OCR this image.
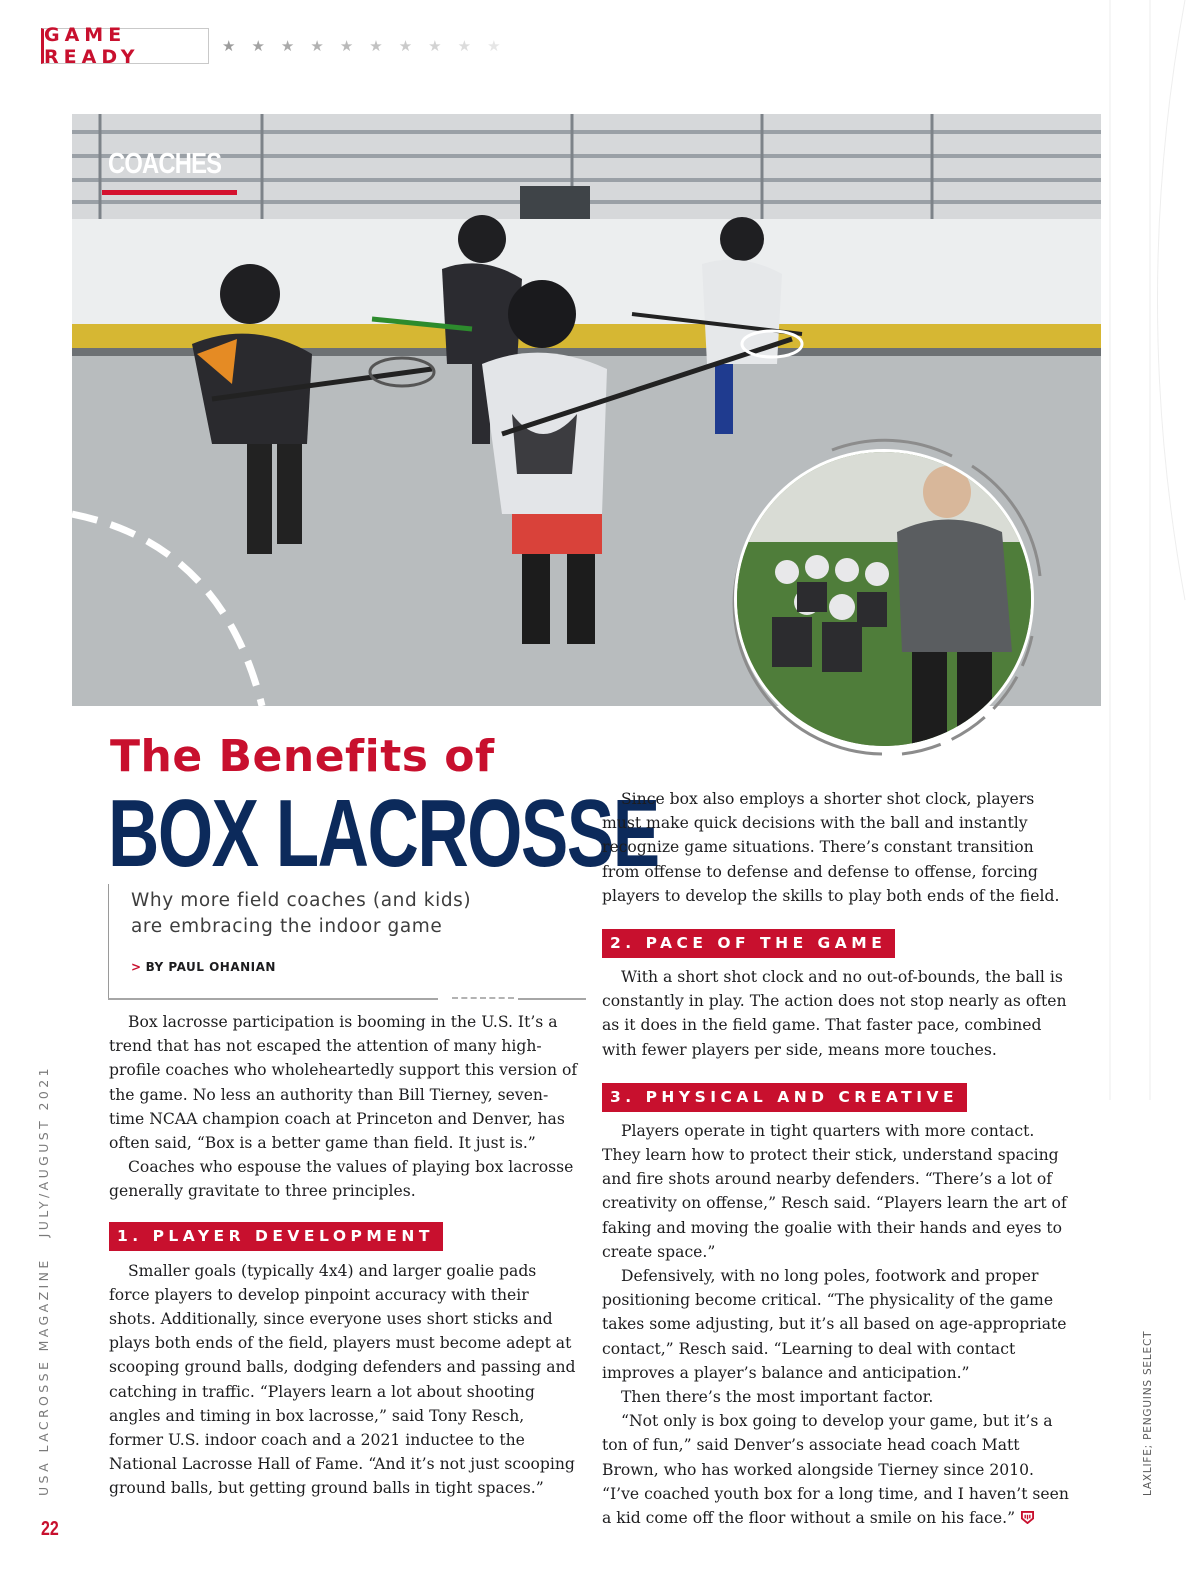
GAME READY	★ ★ ★ ★ ★ ★ ★ ★ ★ ★
COACHES
The Benefits of
BOX LACROSSE
Why more field coaches (and kids)
are embracing the indoor game
> BY PAUL OHANIAN

Box lacrosse participation is booming in the U.S. It’s a trend that has not escaped the attention of many high-profile coaches who wholeheartedly support this version of the game. No less an authority than Bill Tierney, seven-time NCAA champion coach at Princeton and Denver, has often said, “Box is a better game than field. It just is.”

Coaches who espouse the values of playing box lacrosse generally gravitate to three principles.

1. PLAYER DEVELOPMENT

Smaller goals (typically 4x4) and larger goalie pads force players to develop pinpoint accuracy with their shots. Additionally, since everyone uses short sticks and plays both ends of the field, players must become adept at scooping ground balls, dodging defenders and passing and catching in traffic. “Players learn a lot about shooting angles and timing in box lacrosse,” said Tony Resch, former U.S. indoor coach and a 2021 inductee to the National Lacrosse Hall of Fame. “And it’s not just scooping ground balls, but getting ground balls in tight spaces.”

Since box also employs a shorter shot clock, players must make quick decisions with the ball and instantly recognize game situations. There’s constant transition from offense to defense and defense to offense, forcing players to develop the skills to play both ends of the field.

2. PACE OF THE GAME

With a short shot clock and no out-of-bounds, the ball is constantly in play. The action does not stop nearly as often as it does in the field game. That faster pace, combined with fewer players per side, means more touches.

3. PHYSICAL AND CREATIVE

Players operate in tight quarters with more contact. They learn how to protect their stick, understand spacing and fire shots around nearby defenders. “There’s a lot of creativity on offense,” Resch said. “Players learn the art of faking and moving the goalie with their hands and eyes to create space.”

Defensively, with no long poles, footwork and proper positioning become critical. “The physicality of the game takes some adjusting, but it’s all based on age-appropriate contact,” Resch said. “Learning to deal with contact improves a player’s balance and anticipation.”

Then there’s the most important factor.

“Not only is box going to develop your game, but it’s a ton of fun,” said Denver’s associate head coach Matt Brown, who has worked alongside Tierney since 2010. “I’ve coached youth box for a long time, and I haven’t seen a kid come off the floor without a smile on his face.”

USA LACROSSE MAGAZINEJULY/AUGUST 2021
LAXLIFE; PENGUINS SELECT
22
